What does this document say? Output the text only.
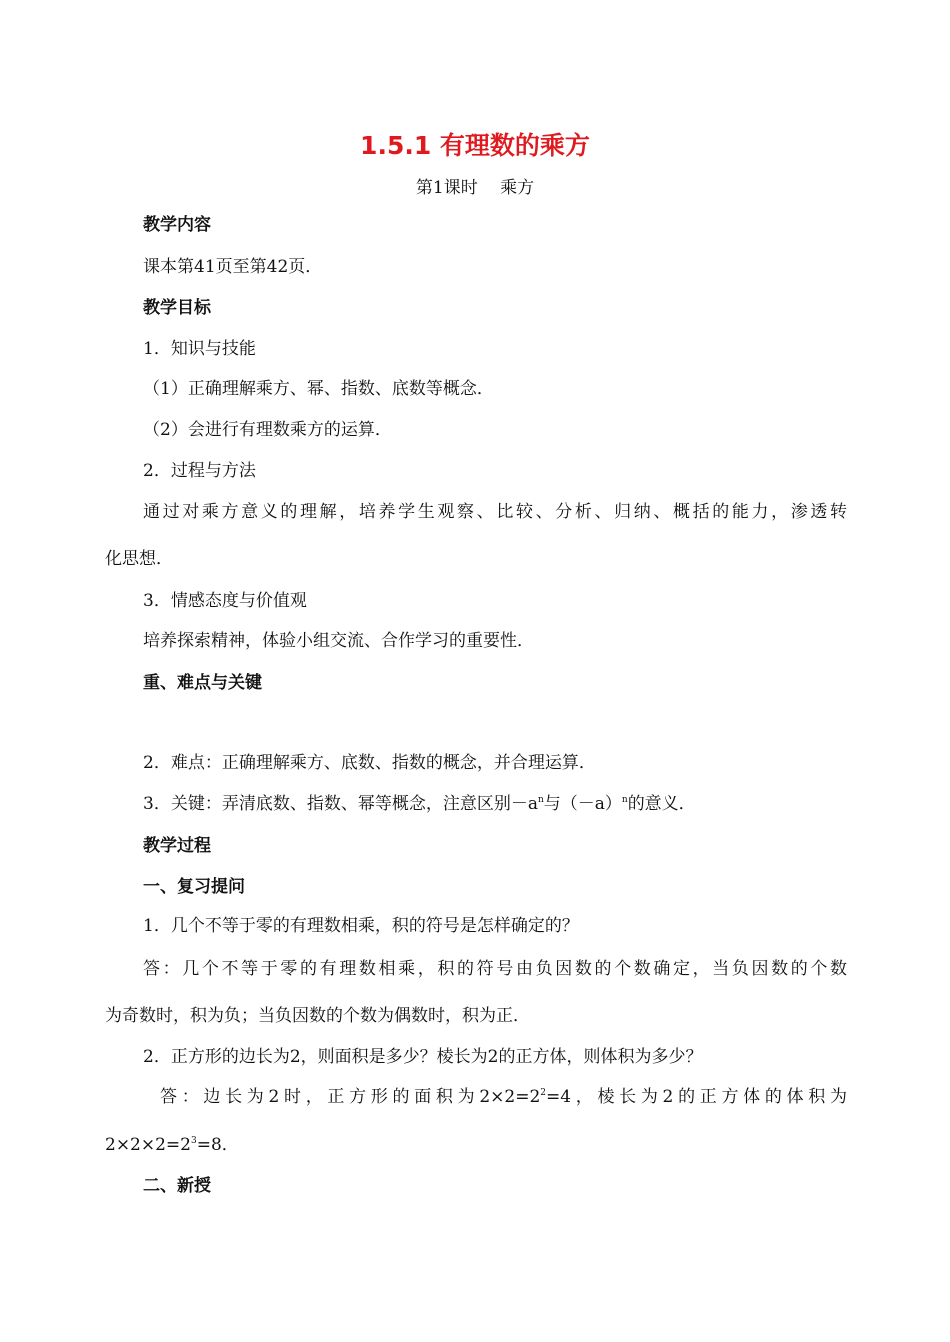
1.5.1 有理数的乘方
第1课时　 乘方
教学内容
课本第41页至第42页．
教学目标
1．知识与技能
（1）正确理解乘方、幂、指数、底数等概念．
（2）会进行有理数乘方的运算．
2．过程与方法
通过对乘方意义的理解，培养学生观察、比较、分析、归纳、概括的能力，渗透转
化思想．
3．情感态度与价值观
培养探索精神，体验小组交流、合作学习的重要性．
重、难点与关键
2．难点：正确理解乘方、底数、指数的概念，并合理运算．
3．关键：弄清底数、指数、幂等概念，注意区别$-a^n$与$(-a)^n$的意义．
教学过程
一、复习提问
1．几个不等于零的有理数相乘，积的符号是怎样确定的？
答：几个不等于零的有理数相乘，积的符号由负因数的个数确定，当负因数的个数
为奇数时，积为负；当负因数的个数为偶数时，积为正．
2．正方形的边长为2，则面积是多少？棱长为2的正方体，则体积为多少？
答：边长为2时，正方形的面积为$2\times 2=2^2=4$，棱长为2的正方体的体积为
$2\times 2\times 2=2^3=8$．
二、新授
